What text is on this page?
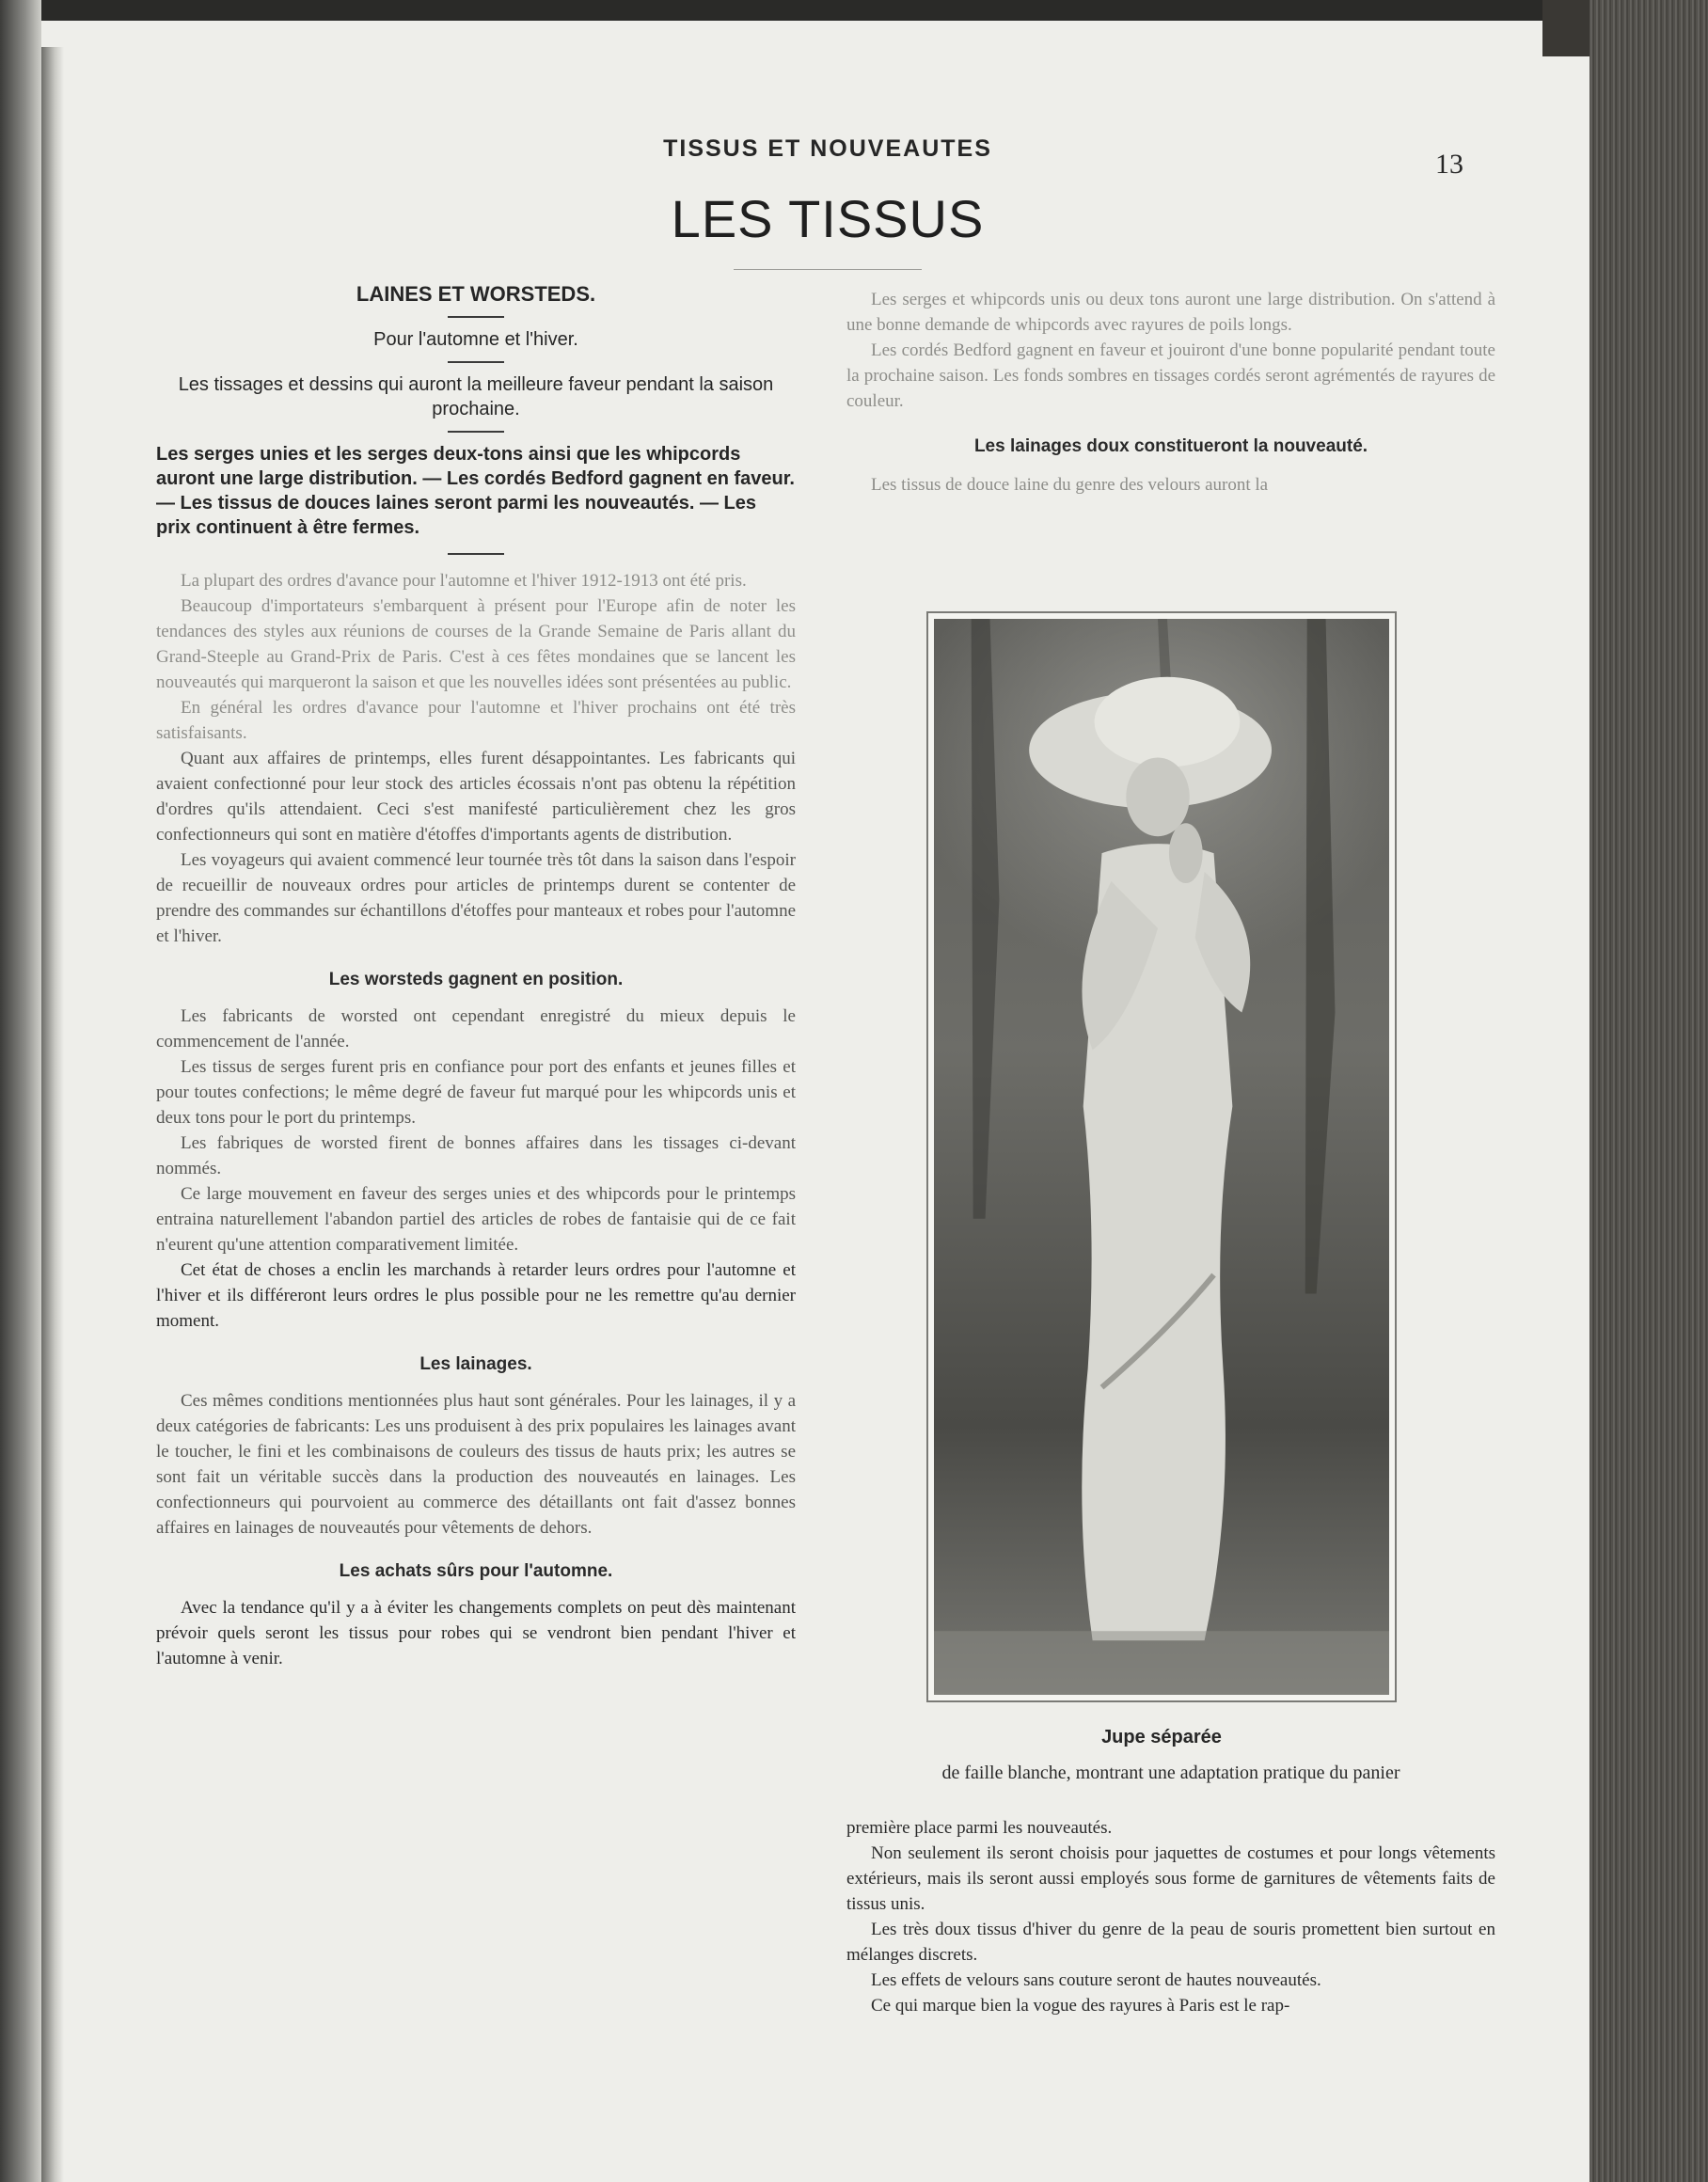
TISSUS ET NOUVEAUTES	13
LES TISSUS

LAINES ET WORSTEDS.

Pour l'automne et l'hiver.

Les tissages et dessins qui auront la meilleure faveur pendant la saison prochaine.

Les serges unies et les serges deux-tons ainsi que les whipcords auront une large distribution. — Les cordés Bedford gagnent en faveur. — Les tissus de douces laines seront parmi les nouveautés. — Les prix continuent à être fermes.

La plupart des ordres d'avance pour l'automne et l'hiver 1912-1913 ont été pris.

Beaucoup d'importateurs s'embarquent à présent pour l'Europe afin de noter les tendances des styles aux réunions de courses de la Grande Semaine de Paris allant du Grand-Steeple au Grand-Prix de Paris. C'est à ces fêtes mondaines que se lancent les nouveautés qui marqueront la saison et que les nouvelles idées sont présentées au public.

En général les ordres d'avance pour l'automne et l'hiver prochains ont été très satisfaisants.

Quant aux affaires de printemps, elles furent désappointantes. Les fabricants qui avaient confectionné pour leur stock des articles écossais n'ont pas obtenu la répétition d'ordres qu'ils attendaient. Ceci s'est manifesté particulièrement chez les gros confectionneurs qui sont en matière d'étoffes d'importants agents de distribution.

Les voyageurs qui avaient commencé leur tournée très tôt dans la saison dans l'espoir de recueillir de nouveaux ordres pour articles de printemps durent se contenter de prendre des commandes sur échantillons d'étoffes pour manteaux et robes pour l'automne et l'hiver.

Les worsteds gagnent en position.

Les fabricants de worsted ont cependant enregistré du mieux depuis le commencement de l'année.

Les tissus de serges furent pris en confiance pour port des enfants et jeunes filles et pour toutes confections; le même degré de faveur fut marqué pour les whipcords unis et deux tons pour le port du printemps.

Les fabriques de worsted firent de bonnes affaires dans les tissages ci-devant nommés.

Ce large mouvement en faveur des serges unies et des whipcords pour le printemps entraina naturellement l'abandon partiel des articles de robes de fantaisie qui de ce fait n'eurent qu'une attention comparativement limitée.

Cet état de choses a enclin les marchands à retarder leurs ordres pour l'automne et l'hiver et ils différeront leurs ordres le plus possible pour ne les remettre qu'au dernier moment.

Les lainages.

Ces mêmes conditions mentionnées plus haut sont générales. Pour les lainages, il y a deux catégories de fabricants: Les uns produisent à des prix populaires les lainages avant le toucher, le fini et les combinaisons de couleurs des tissus de hauts prix; les autres se sont fait un véritable succès dans la production des nouveautés en lainages. Les confectionneurs qui pourvoient au commerce des détaillants ont fait d'assez bonnes affaires en lainages de nouveautés pour vêtements de dehors.

Les achats sûrs pour l'automne.

Avec la tendance qu'il y a à éviter les changements complets on peut dès maintenant prévoir quels seront les tissus pour robes qui se vendront bien pendant l'hiver et l'automne à venir.

Les serges et whipcords unis ou deux tons auront une large distribution. On s'attend à une bonne demande de whipcords avec rayures de poils longs.

Les cordés Bedford gagnent en faveur et jouiront d'une bonne popularité pendant toute la prochaine saison. Les fonds sombres en tissages cordés seront agrémentés de rayures de couleur.

Les lainages doux constitueront la nouveauté.

Les tissus de douce laine du genre des velours auront la

Jupe séparée
de faille blanche, montrant une adaptation pratique du panier

première place parmi les nouveautés.

Non seulement ils seront choisis pour jaquettes de costumes et pour longs vêtements extérieurs, mais ils seront aussi employés sous forme de garnitures de vêtements faits de tissus unis.

Les très doux tissus d'hiver du genre de la peau de souris promettent bien surtout en mélanges discrets.

Les effets de velours sans couture seront de hautes nouveautés.

Ce qui marque bien la vogue des rayures à Paris est le rap-
